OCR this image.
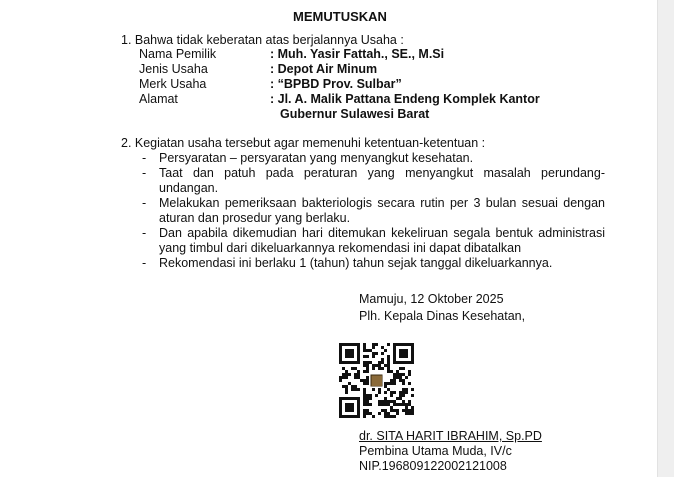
MEMUTUSKAN
1. Bahwa tidak keberatan atas berjalannya Usaha :
Nama Pemilik	: Muh. Yasir Fattah., SE., M.Si
Jenis Usaha	: Depot Air Minum
Merk Usaha	: “BPBD Prov. Sulbar”
Alamat	: Jl. A. Malik Pattana Endeng Komplek Kantor
Gubernur Sulawesi Barat
2. Kegiatan usaha tersebut agar memenuhi ketentuan-ketentuan :
- Persyaratan – persyaratan yang menyangkut kesehatan.
- Taat dan patuh pada peraturan yang menyangkut masalah perundang-
undangan.
- Melakukan pemeriksaan bakteriologis secara rutin per 3 bulan sesuai dengan
aturan dan prosedur yang berlaku.
- Dan apabila dikemudian hari ditemukan kekeliruan segala bentuk administrasi
yang timbul dari dikeluarkannya rekomendasi ini dapat dibatalkan
- Rekomendasi ini berlaku 1 (tahun) tahun sejak tanggal dikeluarkannya.
Mamuju, 12 Oktober 2025
Plh. Kepala Dinas Kesehatan,
dr. SITA HARIT IBRAHIM, Sp.PD
Pembina Utama Muda, IV/c
NIP.196809122002121008
